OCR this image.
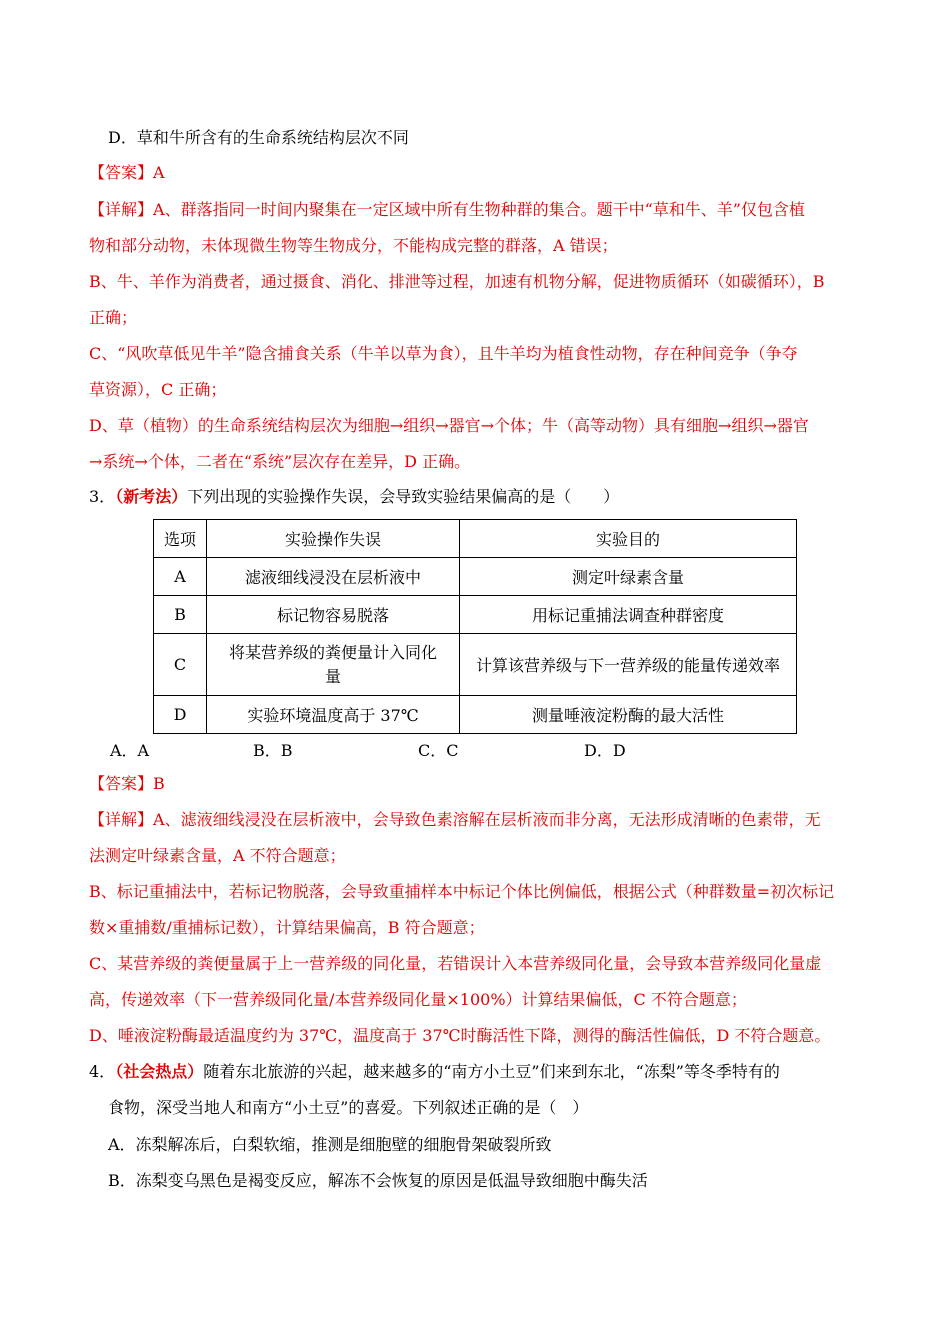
D．草和牛所含有的生命系统结构层次不同
【答案】A
【详解】A、群落指同一时间内聚集在一定区域中所有生物种群的集合。题干中“草和牛、羊”仅包含植
物和部分动物，未体现微生物等生物成分，不能构成完整的群落，A 错误；
B、牛、羊作为消费者，通过摄食、消化、排泄等过程，加速有机物分解，促进物质循环（如碳循环），B
正确；
C、“风吹草低见牛羊”隐含捕食关系（牛羊以草为食），且牛羊均为植食性动物，存在种间竞争（争夺
草资源），C 正确；
D、草（植物）的生命系统结构层次为细胞→组织→器官→个体；牛（高等动物）具有细胞→组织→器官
→系统→个体，二者在“系统”层次存在差异，D 正确。
3．（新考法）下列出现的实验操作失误，会导致实验结果偏高的是（　　）
选项	实验操作失误	实验目的
A	滤液细线浸没在层析液中	测定叶绿素含量
B	标记物容易脱落	用标记重捕法调查种群密度
C	将某营养级的粪便量计入同化量	计算该营养级与下一营养级的能量传递效率
D	实验环境温度高于 37℃	测量唾液淀粉酶的最大活性
A．A	B．B	C．C	D．D
【答案】B
【详解】A、滤液细线浸没在层析液中，会导致色素溶解在层析液而非分离，无法形成清晰的色素带，无
法测定叶绿素含量，A 不符合题意；
B、标记重捕法中，若标记物脱落，会导致重捕样本中标记个体比例偏低，根据公式（种群数量=初次标记
数×重捕数/重捕标记数），计算结果偏高，B 符合题意；
C、某营养级的粪便量属于上一营养级的同化量，若错误计入本营养级同化量，会导致本营养级同化量虚
高，传递效率（下一营养级同化量/本营养级同化量×100%）计算结果偏低，C 不符合题意；
D、唾液淀粉酶最适温度约为 37℃，温度高于 37℃时酶活性下降，测得的酶活性偏低，D 不符合题意。
4．（社会热点）随着东北旅游的兴起，越来越多的“南方小土豆”们来到东北，“冻梨”等冬季特有的
食物，深受当地人和南方“小土豆”的喜爱。下列叙述正确的是（　）
A．冻梨解冻后，白梨软缩，推测是细胞壁的细胞骨架破裂所致
B．冻梨变乌黑色是褐变反应，解冻不会恢复的原因是低温导致细胞中酶失活
